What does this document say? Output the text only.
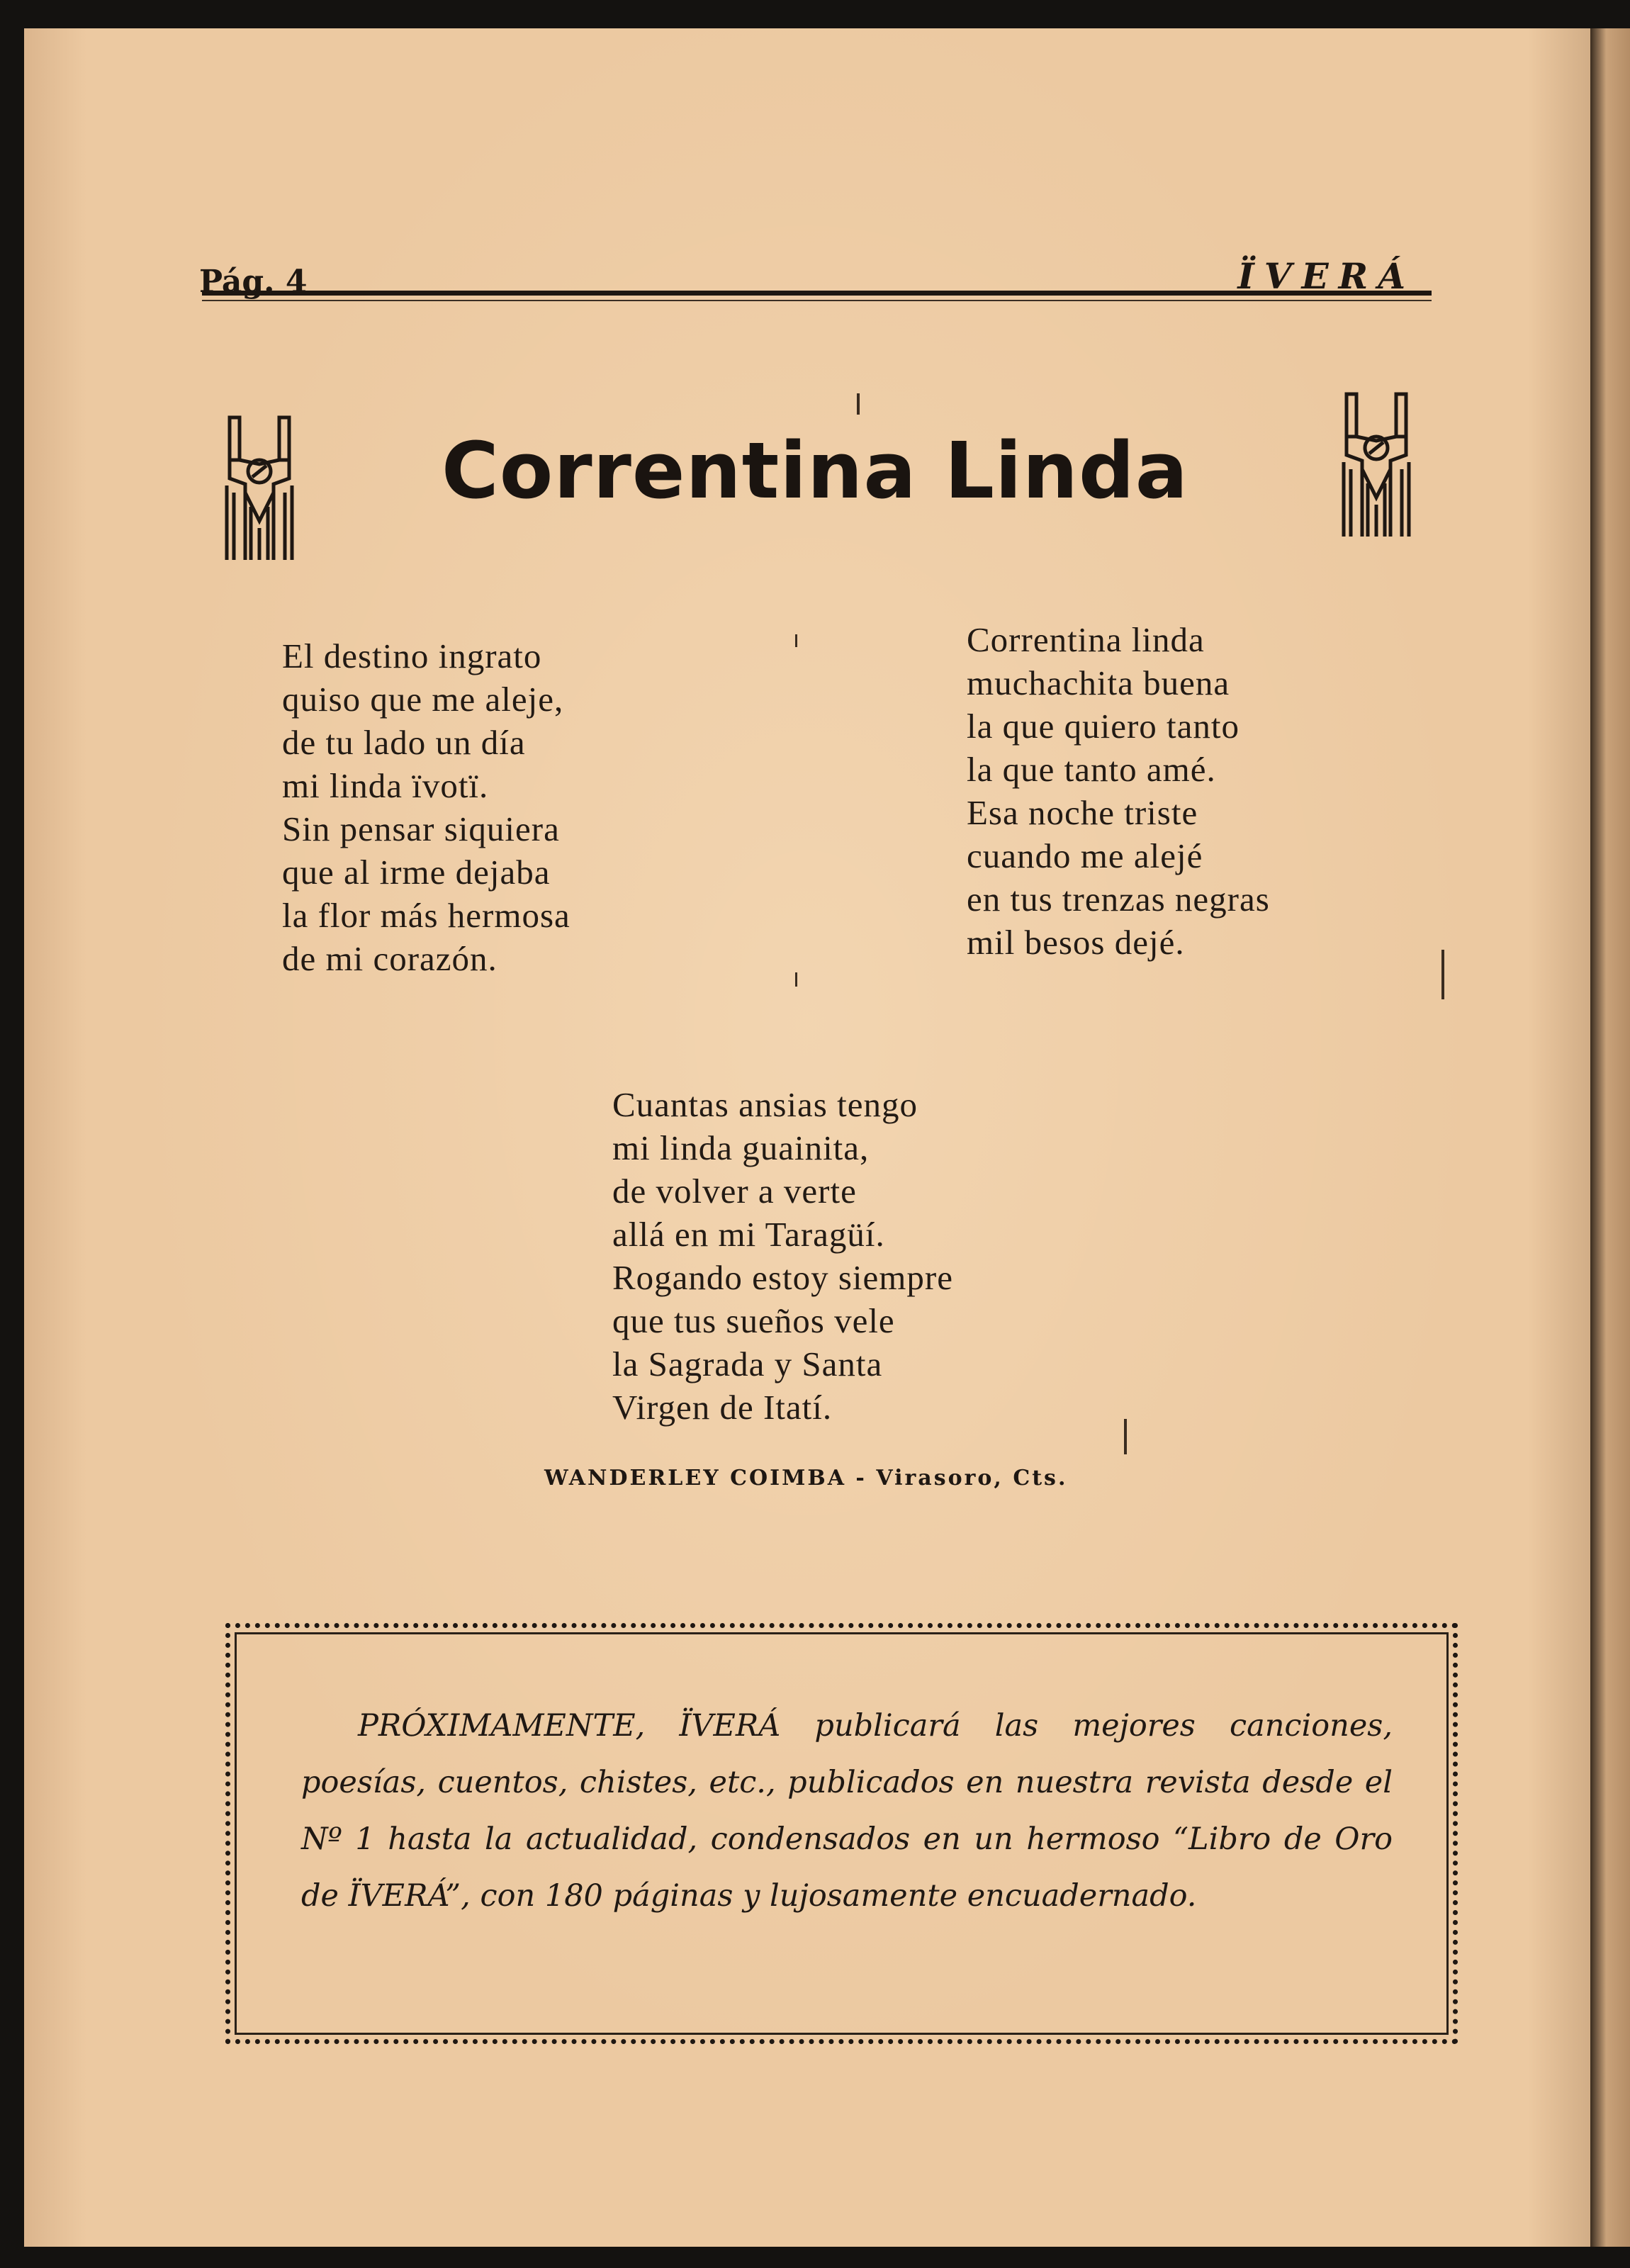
Pág. 4	ÏVERÁ
Correntina Linda
El destino ingrato
quiso que me aleje,
de tu lado un día
mi linda ïvotï.
Sin pensar siquiera
que al irme dejaba
la flor más hermosa
de mi corazón.
Correntina linda
muchachita buena
la que quiero tanto
la que tanto amé.
Esa noche triste
cuando me alejé
en tus trenzas negras
mil besos dejé.
Cuantas ansias tengo
mi linda guainita,
de volver a verte
allá en mi Taragüí.
Rogando estoy siempre
que tus sueños vele
la Sagrada y Santa
Virgen de Itatí.
WANDERLEY COIMBA - Virasoro, Cts.
PRÓXIMAMENTE, ÏVERÁ publicará las mejores canciones, poesías, cuentos, chistes, etc., publicados en nuestra revista desde el Nº 1 hasta la actualidad, condensados en un hermoso “Libro de Oro de ÏVERÁ”, con 180 páginas y lujosamente encuadernado.
